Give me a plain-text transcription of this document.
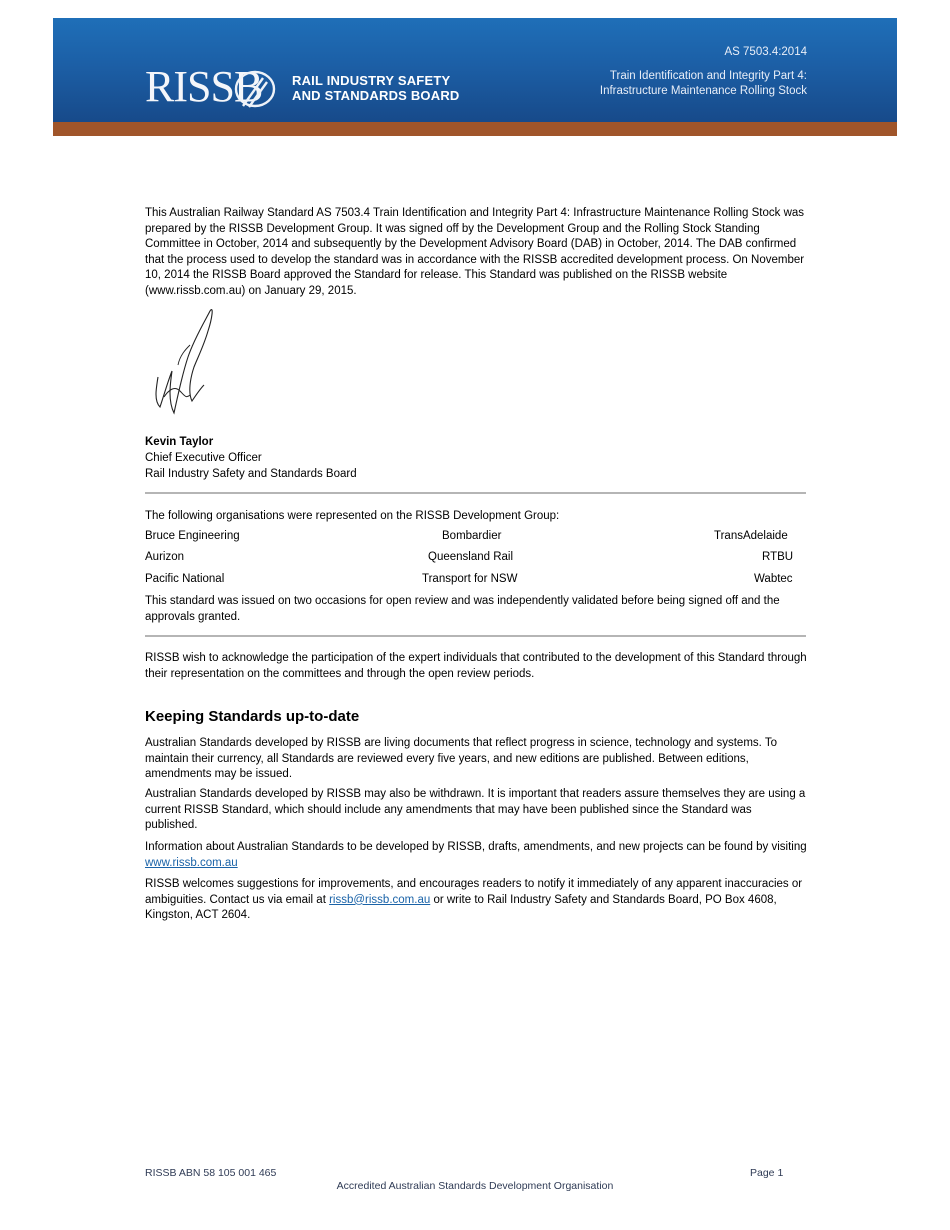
RISSB RAIL INDUSTRY SAFETY
AND STANDARDS BOARD
AS 7503.4:2014
Train Identification and Integrity Part 4:
Infrastructure Maintenance Rolling Stock
This Australian Railway Standard AS 7503.4 Train Identification and Integrity Part 4: Infrastructure Maintenance Rolling Stock was prepared by the RISSB Development Group. It was signed off by the Development Group and the Rolling Stock Standing Committee in October, 2014 and subsequently by the Development Advisory Board (DAB) in October, 2014. The DAB confirmed that the process used to develop the standard was in accordance with the RISSB accredited development process. On November 10, 2014 the RISSB Board approved the Standard for release. This Standard was published on the RISSB website (www.rissb.com.au) on January 29, 2015.
Kevin Taylor
Chief Executive Officer
Rail Industry Safety and Standards Board
The following organisations were represented on the RISSB Development Group:
Bruce Engineering	Bombardier	TransAdelaide
Aurizon	Queensland Rail	RTBU
Pacific National	Transport for NSW	Wabtec
This standard was issued on two occasions for open review and was independently validated before being signed off and the approvals granted.
RISSB wish to acknowledge the participation of the expert individuals that contributed to the development of this Standard through their representation on the committees and through the open review periods.
Keeping Standards up-to-date
Australian Standards developed by RISSB are living documents that reflect progress in science, technology and systems. To maintain their currency, all Standards are reviewed every five years, and new editions are published. Between editions, amendments may be issued.
Australian Standards developed by RISSB may also be withdrawn. It is important that readers assure themselves they are using a current RISSB Standard, which should include any amendments that may have been published since the Standard was published.
Information about Australian Standards to be developed by RISSB, drafts, amendments, and new projects can be found by visiting www.rissb.com.au
RISSB welcomes suggestions for improvements, and encourages readers to notify it immediately of any apparent inaccuracies or ambiguities. Contact us via email at rissb@rissb.com.au or write to Rail Industry Safety and Standards Board, PO Box 4608, Kingston, ACT 2604.
RISSB ABN 58 105 001 465	Page 1
Accredited Australian Standards Development Organisation
